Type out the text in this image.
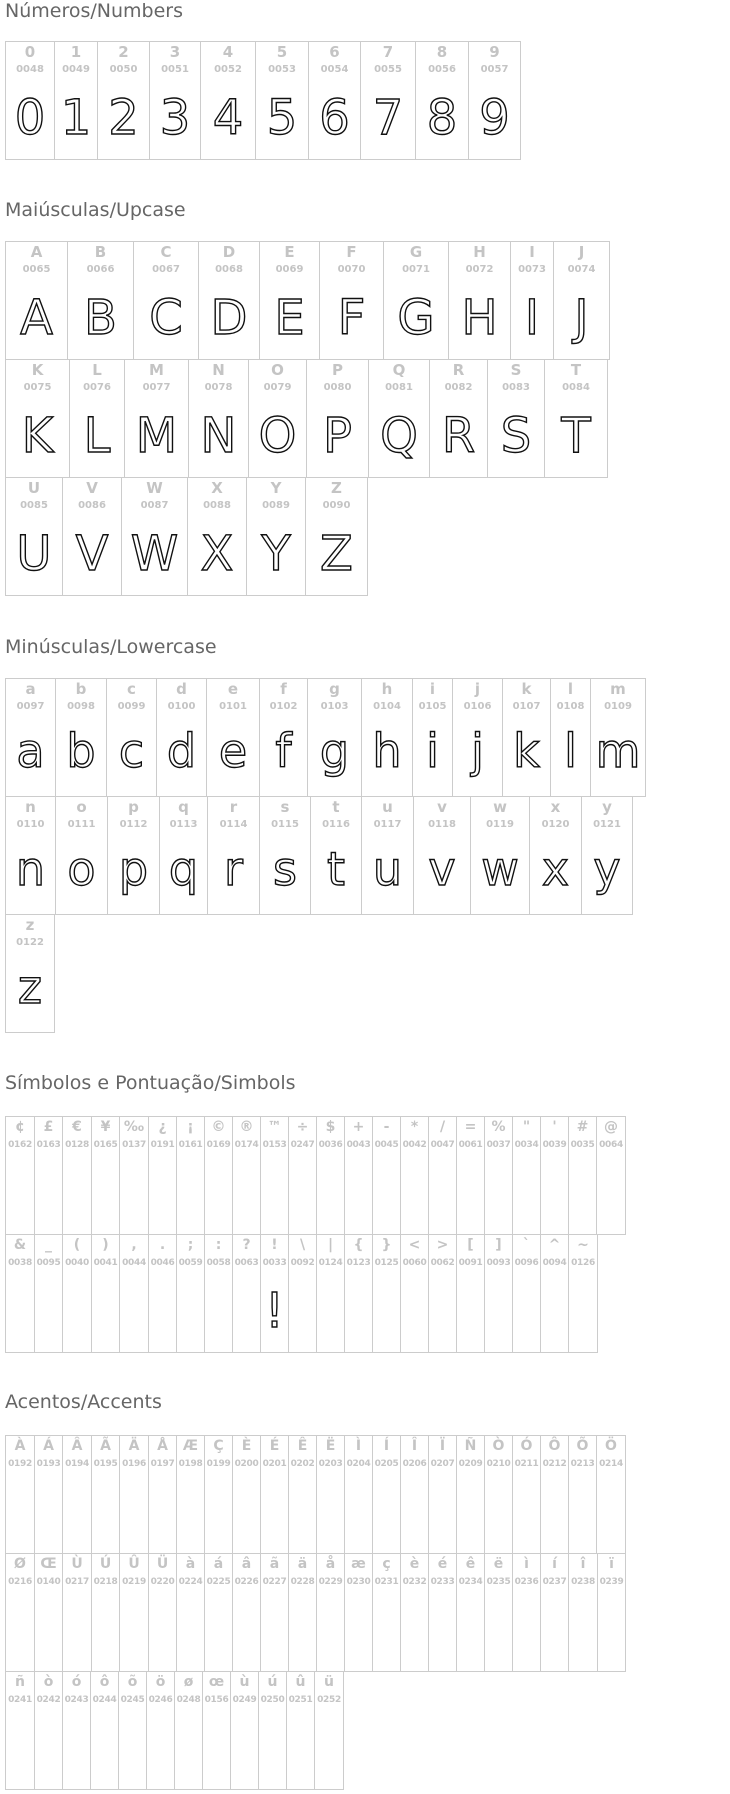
Números/Numbers
0
0048
0
1
0049
1
2
0050
2
3
0051
3
4
0052
4
5
0053
5
6
0054
6
7
0055
7
8
0056
8
9
0057
9
Maiúsculas/Upcase
A
0065
A
B
0066
B
C
0067
C
D
0068
D
E
0069
E
F
0070
F
G
0071
G
H
0072
H
I
0073
I
J
0074
J
K
0075
K
L
0076
L
M
0077
M
N
0078
N
O
0079
O
P
0080
P
Q
0081
Q
R
0082
R
S
0083
S
T
0084
T
U
0085
U
V
0086
V
W
0087
W
X
0088
X
Y
0089
Y
Z
0090
Z
Minúsculas/Lowercase
a
0097
a
b
0098
b
c
0099
c
d
0100
d
e
0101
e
f
0102
f
g
0103
g
h
0104
h
i
0105
i
j
0106
j
k
0107
k
l
0108
l
m
0109
m
n
0110
n
o
0111
o
p
0112
p
q
0113
q
r
0114
r
s
0115
s
t
0116
t
u
0117
u
v
0118
v
w
0119
w
x
0120
x
y
0121
y
z
0122
z
Símbolos e Pontuação/Simbols
¢
0162
£
0163
€
0128
¥
0165
‰
0137
¿
0191
¡
0161
©
0169
®
0174
™
0153
÷
0247
$
0036
+
0043
-
0045
*
0042
/
0047
=
0061
%
0037
"
0034
'
0039
#
0035
@
0064
&
0038
_
0095
(
0040
)
0041
,
0044
.
0046
;
0059
:
0058
?
0063
!
0033
!
\
0092
|
0124
{
0123
}
0125
<
0060
>
0062
[
0091
]
0093
`
0096
^
0094
~
0126
Acentos/Accents
À
0192
Á
0193
Â
0194
Ã
0195
Ä
0196
Å
0197
Æ
0198
Ç
0199
È
0200
É
0201
Ê
0202
Ë
0203
Ì
0204
Í
0205
Î
0206
Ï
0207
Ñ
0209
Ò
0210
Ó
0211
Ô
0212
Õ
0213
Ö
0214
Ø
0216
Œ
0140
Ù
0217
Ú
0218
Û
0219
Ü
0220
à
0224
á
0225
â
0226
ã
0227
ä
0228
å
0229
æ
0230
ç
0231
è
0232
é
0233
ê
0234
ë
0235
ì
0236
í
0237
î
0238
ï
0239
ñ
0241
ò
0242
ó
0243
ô
0244
õ
0245
ö
0246
ø
0248
œ
0156
ù
0249
ú
0250
û
0251
ü
0252
